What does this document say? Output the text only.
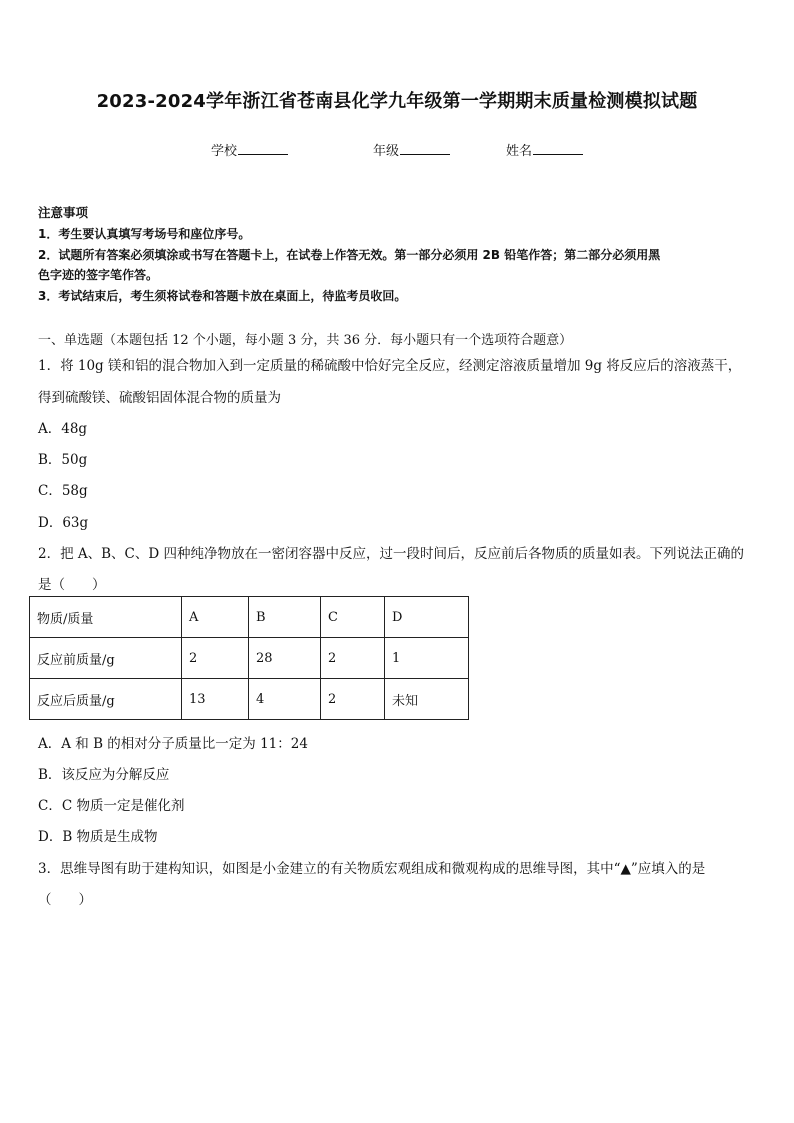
2023-2024学年浙江省苍南县化学九年级第一学期期末质量检测模拟试题
学校	年级	姓名
注意事项
1．考生要认真填写考场号和座位序号。
2．试题所有答案必须填涂或书写在答题卡上，在试卷上作答无效。第一部分必须用 2B 铅笔作答；第二部分必须用黑
色字迹的签字笔作答。
3．考试结束后，考生须将试卷和答题卡放在桌面上，待监考员收回。
一、单选题（本题包括 12 个小题，每小题 3 分，共 36 分．每小题只有一个选项符合题意）
1．将 10g 镁和铝的混合物加入到一定质量的稀硫酸中恰好完全反应，经测定溶液质量增加 9g 将反应后的溶液蒸干，
得到硫酸镁、硫酸铝固体混合物的质量为
A．48g
B．50g
C．58g
D．63g
2．把 A、B、C、D 四种纯净物放在一密闭容器中反应，过一段时间后，反应前后各物质的质量如表。下列说法正确的
是（　　）
物质/质量	A	B	C	D
反应前质量/g	2	28	2	1
反应后质量/g	13	4	2	未知
A．A 和 B 的相对分子质量比一定为 11：24
B．该反应为分解反应
C．C 物质一定是催化剂
D．B 物质是生成物
3．思维导图有助于建构知识，如图是小金建立的有关物质宏观组成和微观构成的思维导图，其中“▲”应填入的是
（　　）
